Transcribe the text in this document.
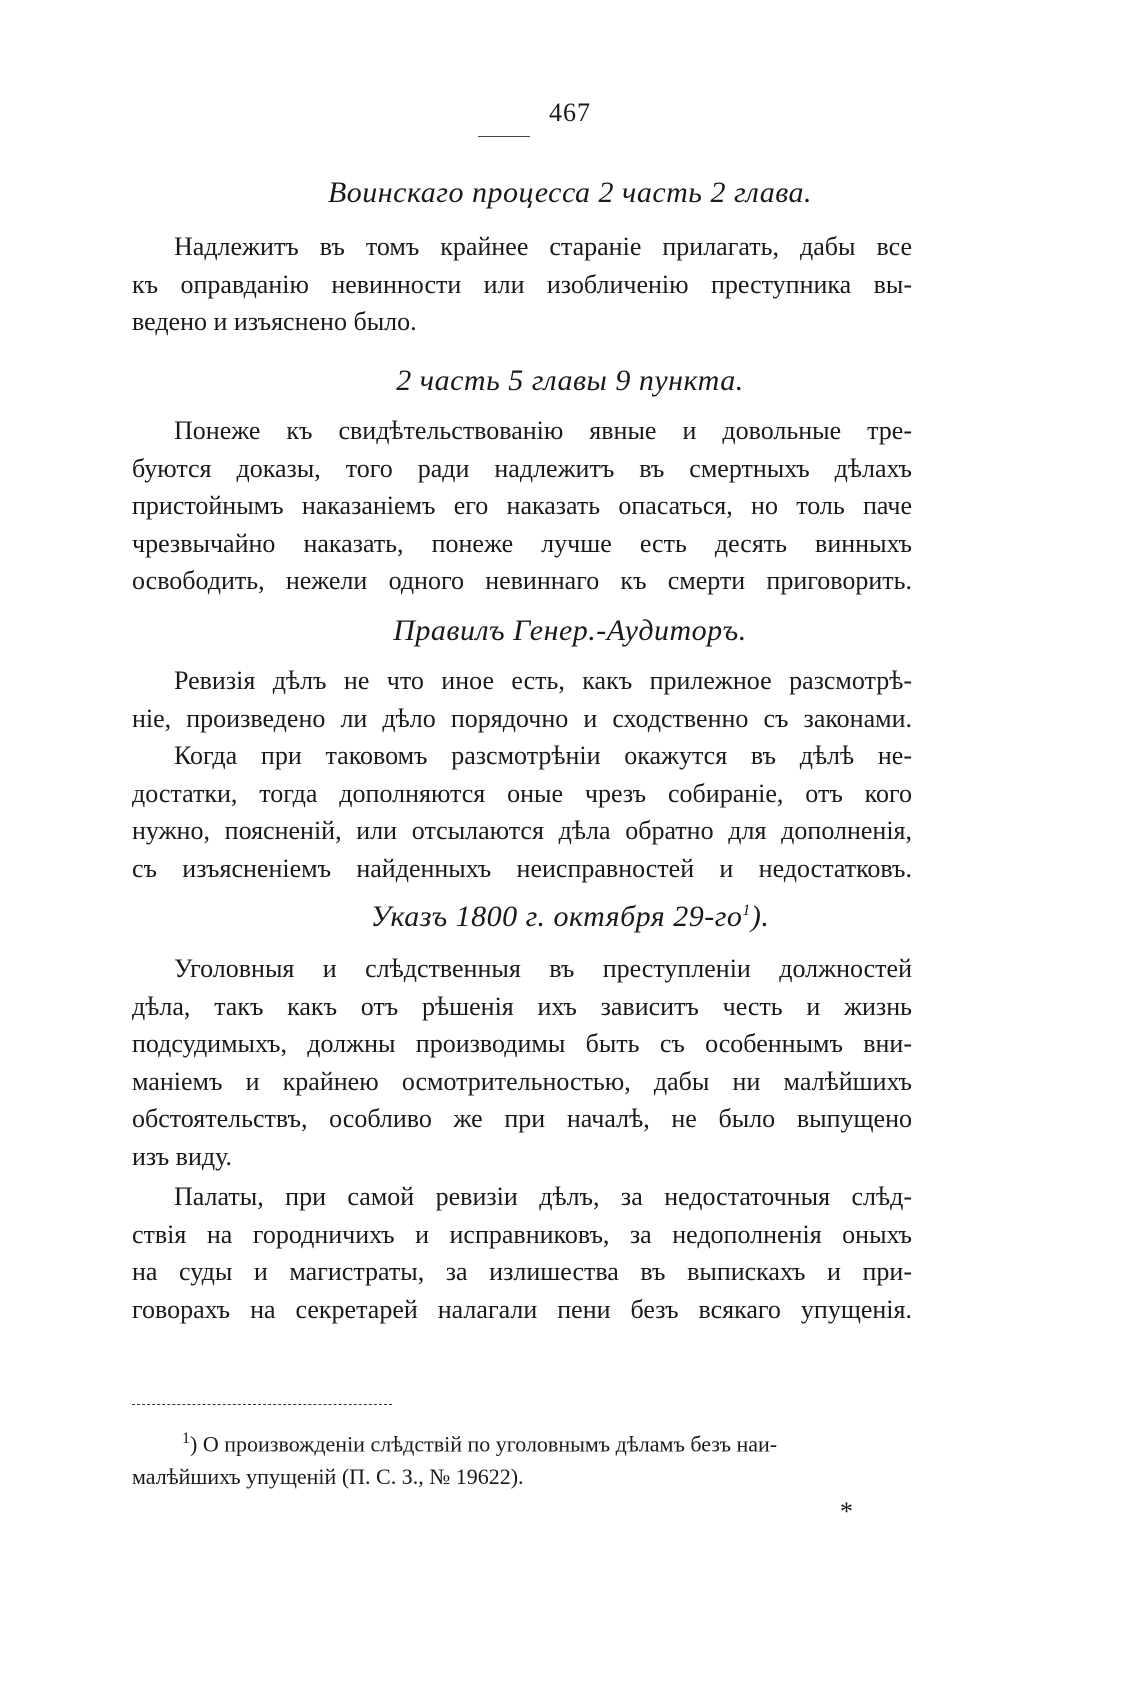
467
Воинскаго процесса 2 часть 2 глава.
Надлежитъ въ томъ крайнее стараніе прилагать, дабы все
къ оправданію невинности или изобличенію преступника вы-
ведено и изъяснено было.
2 часть 5 главы 9 пункта.
Понеже къ свидѣтельствованію явные и довольные тре-
буются доказы, того ради надлежитъ въ смертныхъ дѣлахъ
пристойнымъ наказаніемъ его наказать опасаться, но толь паче
чрезвычайно наказать, понеже лучше есть десять винныхъ
освободить, нежели одного невиннаго къ смерти приговорить.
Правилъ Генер.-Аудиторъ.
Ревизія дѣлъ не что иное есть, какъ прилежное разсмотрѣ-
ніе, произведено ли дѣло порядочно и сходственно съ законами.
Когда при таковомъ разсмотрѣніи окажутся въ дѣлѣ не-
достатки, тогда дополняются оные чрезъ собираніе, отъ кого
нужно, поясненій, или отсылаются дѣла обратно для дополненія,
съ изъясненіемъ найденныхъ неисправностей и недостатковъ.
Указъ 1800 г. октября 29-го$^1$).
Уголовныя и слѣдственныя въ преступленіи должностей
дѣла, такъ какъ отъ рѣшенія ихъ зависитъ честь и жизнь
подсудимыхъ, должны производимы быть съ особеннымъ вни-
маніемъ и крайнею осмотрительностью, дабы ни малѣйшихъ
обстоятельствъ, особливо же при началѣ, не было выпущено
изъ виду.
Палаты, при самой ревизіи дѣлъ, за недостаточныя слѣд-
ствія на городничихъ и исправниковъ, за недополненія оныхъ
на суды и магистраты, за излишества въ выпискахъ и при-
говорахъ на секретарей налагали пени безъ всякаго упущенія.
$^1$) О произвожденіи слѣдствій по уголовнымъ дѣламъ безъ наи-
малѣйшихъ упущеній (П. С. З., № 19622).
*
